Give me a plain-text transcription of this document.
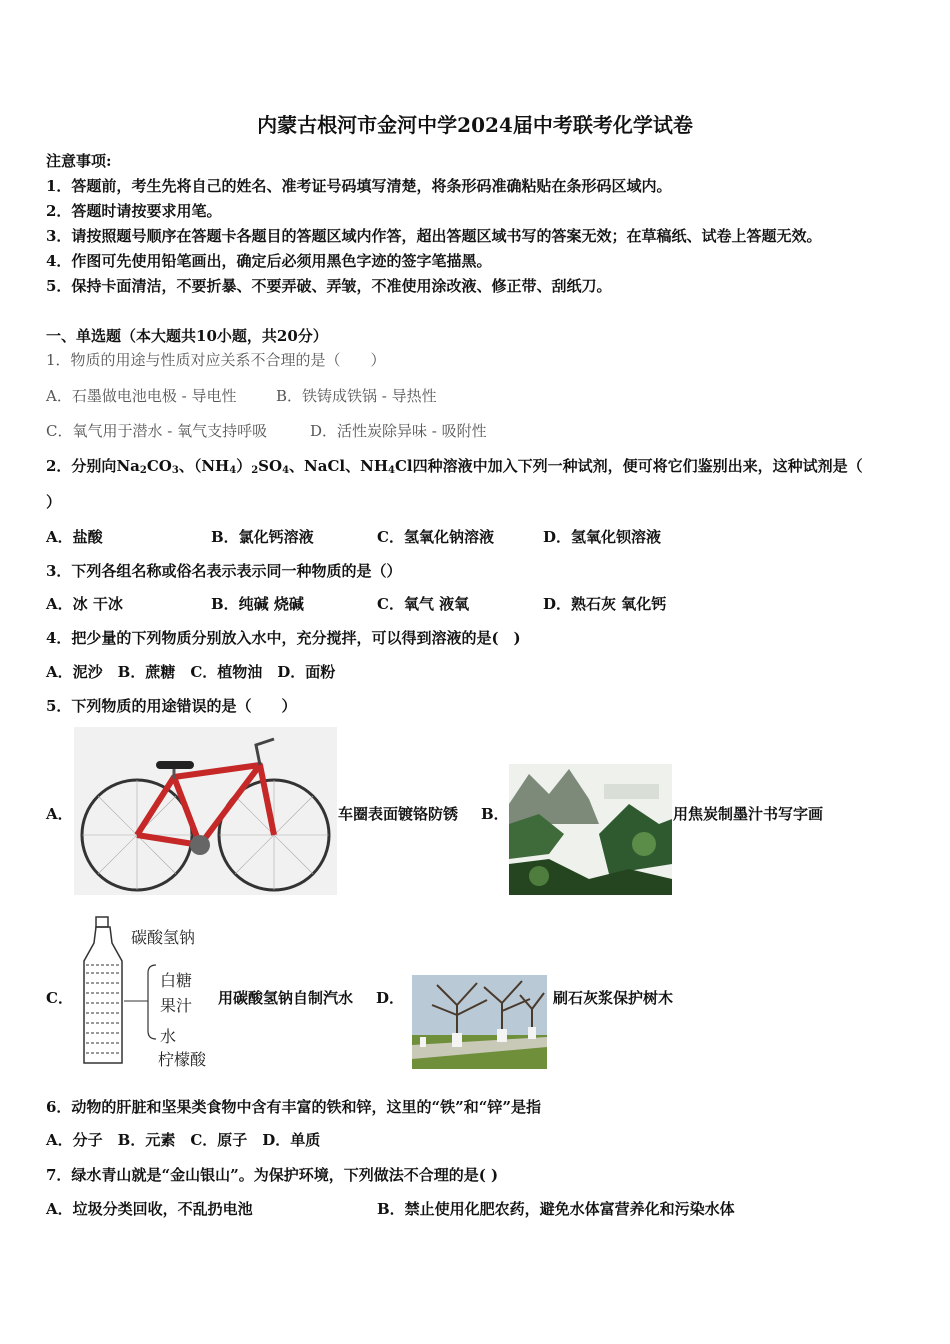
内蒙古根河市金河中学2024届中考联考化学试卷
注意事项:
1．答题前，考生先将自己的姓名、准考证号码填写清楚，将条形码准确粘贴在条形码区域内。
2．答题时请按要求用笔。
3．请按照题号顺序在答题卡各题目的答题区域内作答，超出答题区域书写的答案无效；在草稿纸、试卷上答题无效。
4．作图可先使用铅笔画出，确定后必须用黑色字迹的签字笔描黑。
5．保持卡面清洁，不要折暴、不要弄破、弄皱，不准使用涂改液、修正带、刮纸刀。
一、单选题（本大题共10小题，共20分）
1．物质的用途与性质对应关系不合理的是（　　）
A．石墨做电池电极 - 导电性	B．铁铸成铁锅 - 导热性
C．氧气用于潜水 - 氧气支持呼吸	D．活性炭除异味 - 吸附性
2．分别向$Na_2CO_3$、$(NH_4)_2SO_4$、NaCl、$NH_4Cl$四种溶液中加入下列一种试剂，便可将它们鉴别出来，这种试剂是（
）
A．盐酸	B．氯化钙溶液	C．氢氧化钠溶液	D．氢氧化钡溶液
3．下列各组名称或俗名表示表示同一种物质的是（）
A．冰 干冰	B．纯碱 烧碱	C．氧气 液氧	D．熟石灰 氧化钙
4．把少量的下列物质分别放入水中，充分搅拌，可以得到溶液的是(　)
A．泥沙　B．蔗糖　C．植物油　D．面粉
5．下列物质的用途错误的是（　　）
A．	车圈表面镀铬防锈 B．	用焦炭制墨汁书写字画
C．
碳酸氢钠
白糖
果汁
水
柠檬酸
用碳酸氢钠自制汽水 D．	刷石灰浆保护树木
6．动物的肝脏和坚果类食物中含有丰富的铁和锌，这里的“铁”和“锌”是指
A．分子　B．元素　C．原子　D．单质
7．绿水青山就是“金山银山”。为保护环境，下列做法不合理的是( )
A．垃圾分类回收，不乱扔电池	B．禁止使用化肥农药，避免水体富营养化和污染水体
